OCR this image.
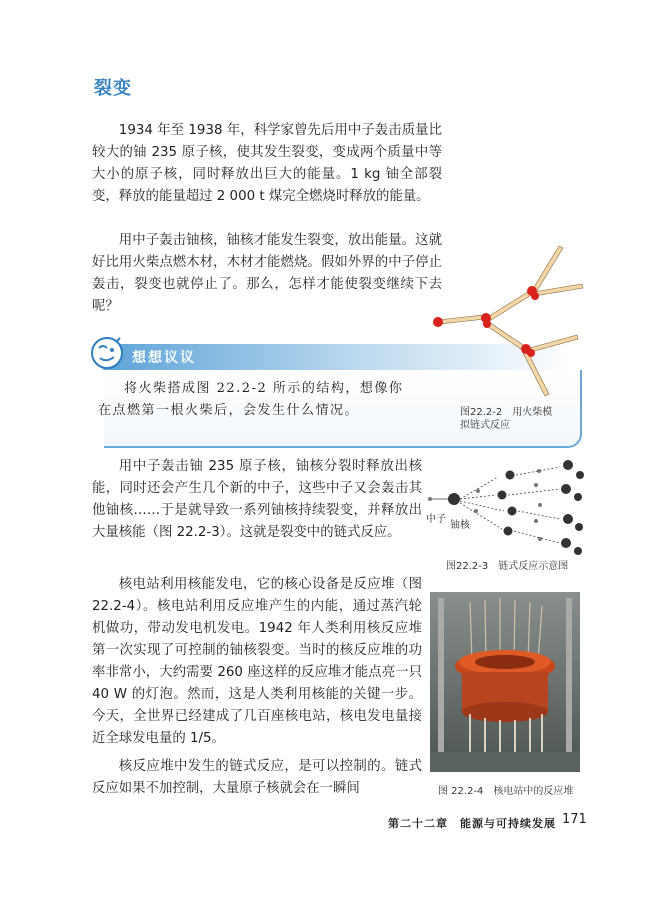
裂变

1934 年至 1938 年，科学家曾先后用中子轰击质量比较大的铀 235 原子核，使其发生裂变，变成两个质量中等大小的原子核，同时释放出巨大的能量。1 kg 铀全部裂变，释放的能量超过 2 000 t 煤完全燃烧时释放的能量。

用中子轰击铀核，铀核才能发生裂变，放出能量。这就好比用火柴点燃木材，木材才能燃烧。假如外界的中子停止轰击，裂变也就停止了。那么，怎样才能使裂变继续下去呢？

想想议议

将火柴搭成图 22.2-2 所示的结构，想像你在点燃第一根火柴后，会发生什么情况。	图22.2-2　用火柴模拟链式反应

用中子轰击铀 235 原子核，铀核分裂时释放出核能，同时还会产生几个新的中子，这些中子又会轰击其他铀核……于是就导致一系列铀核持续裂变，并释放出大量核能（图 22.2-3）。这就是裂变中的链式反应。

中子
铀核
图22.2-3　链式反应示意图

核电站利用核能发电，它的核心设备是反应堆（图 22.2-4）。核电站利用反应堆产生的内能，通过蒸汽轮机做功，带动发电机发电。1942 年人类利用核反应堆第一次实现了可控制的铀核裂变。当时的核反应堆的功率非常小，大约需要 260 座这样的反应堆才能点亮一只 40 W 的灯泡。然而，这是人类利用核能的关键一步。今天，全世界已经建成了几百座核电站，核电发电量接近全球发电量的 1/5。

图 22.2-4　核电站中的反应堆

核反应堆中发生的链式反应，是可以控制的。链式反应如果不加控制，大量原子核就会在一瞬间

第二十二章　能源与可持续发展 171
